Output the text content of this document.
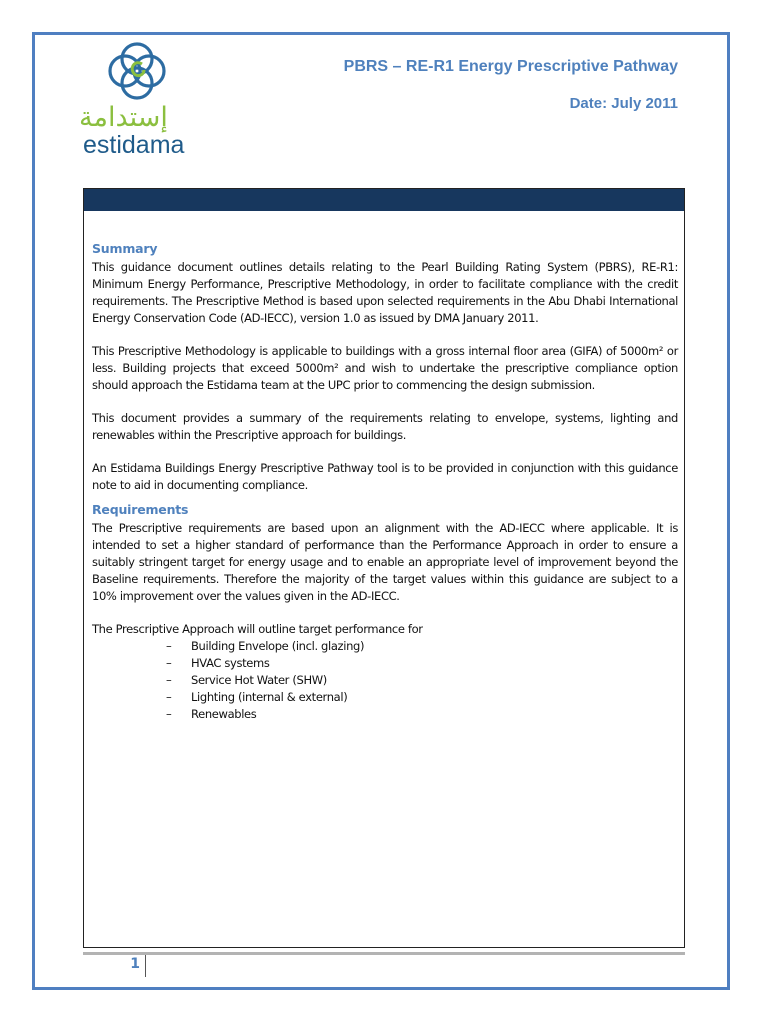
إستدامة
estidama
PBRS – RE-R1 Energy Prescriptive Pathway
Date: July 2011

Summary

This guidance document outlines details relating to the Pearl Building Rating System (PBRS), RE-R1: Minimum Energy Performance, Prescriptive Methodology, in order to facilitate compliance with the credit requirements. The Prescriptive Method is based upon selected requirements in the Abu Dhabi International Energy Conservation Code (AD-IECC), version 1.0 as issued by DMA January 2011.

This Prescriptive Methodology is applicable to buildings with a gross internal floor area (GIFA) of 5000m² or less. Building projects that exceed 5000m² and wish to undertake the prescriptive compliance option should approach the Estidama team at the UPC prior to commencing the design submission.

This document provides a summary of the requirements relating to envelope, systems, lighting and renewables within the Prescriptive approach for buildings.

An Estidama Buildings Energy Prescriptive Pathway tool is to be provided in conjunction with this guidance note to aid in documenting compliance.

Requirements

The Prescriptive requirements are based upon an alignment with the AD-IECC where applicable. It is intended to set a higher standard of performance than the Performance Approach in order to ensure a suitably stringent target for energy usage and to enable an appropriate level of improvement beyond the Baseline requirements. Therefore the majority of the target values within this guidance are subject to a 10% improvement over the values given in the AD-IECC.

The Prescriptive Approach will outline target performance for

– Building Envelope (incl. glazing)
– HVAC systems
– Service Hot Water (SHW)
– Lighting (internal & external)
– Renewables
1
